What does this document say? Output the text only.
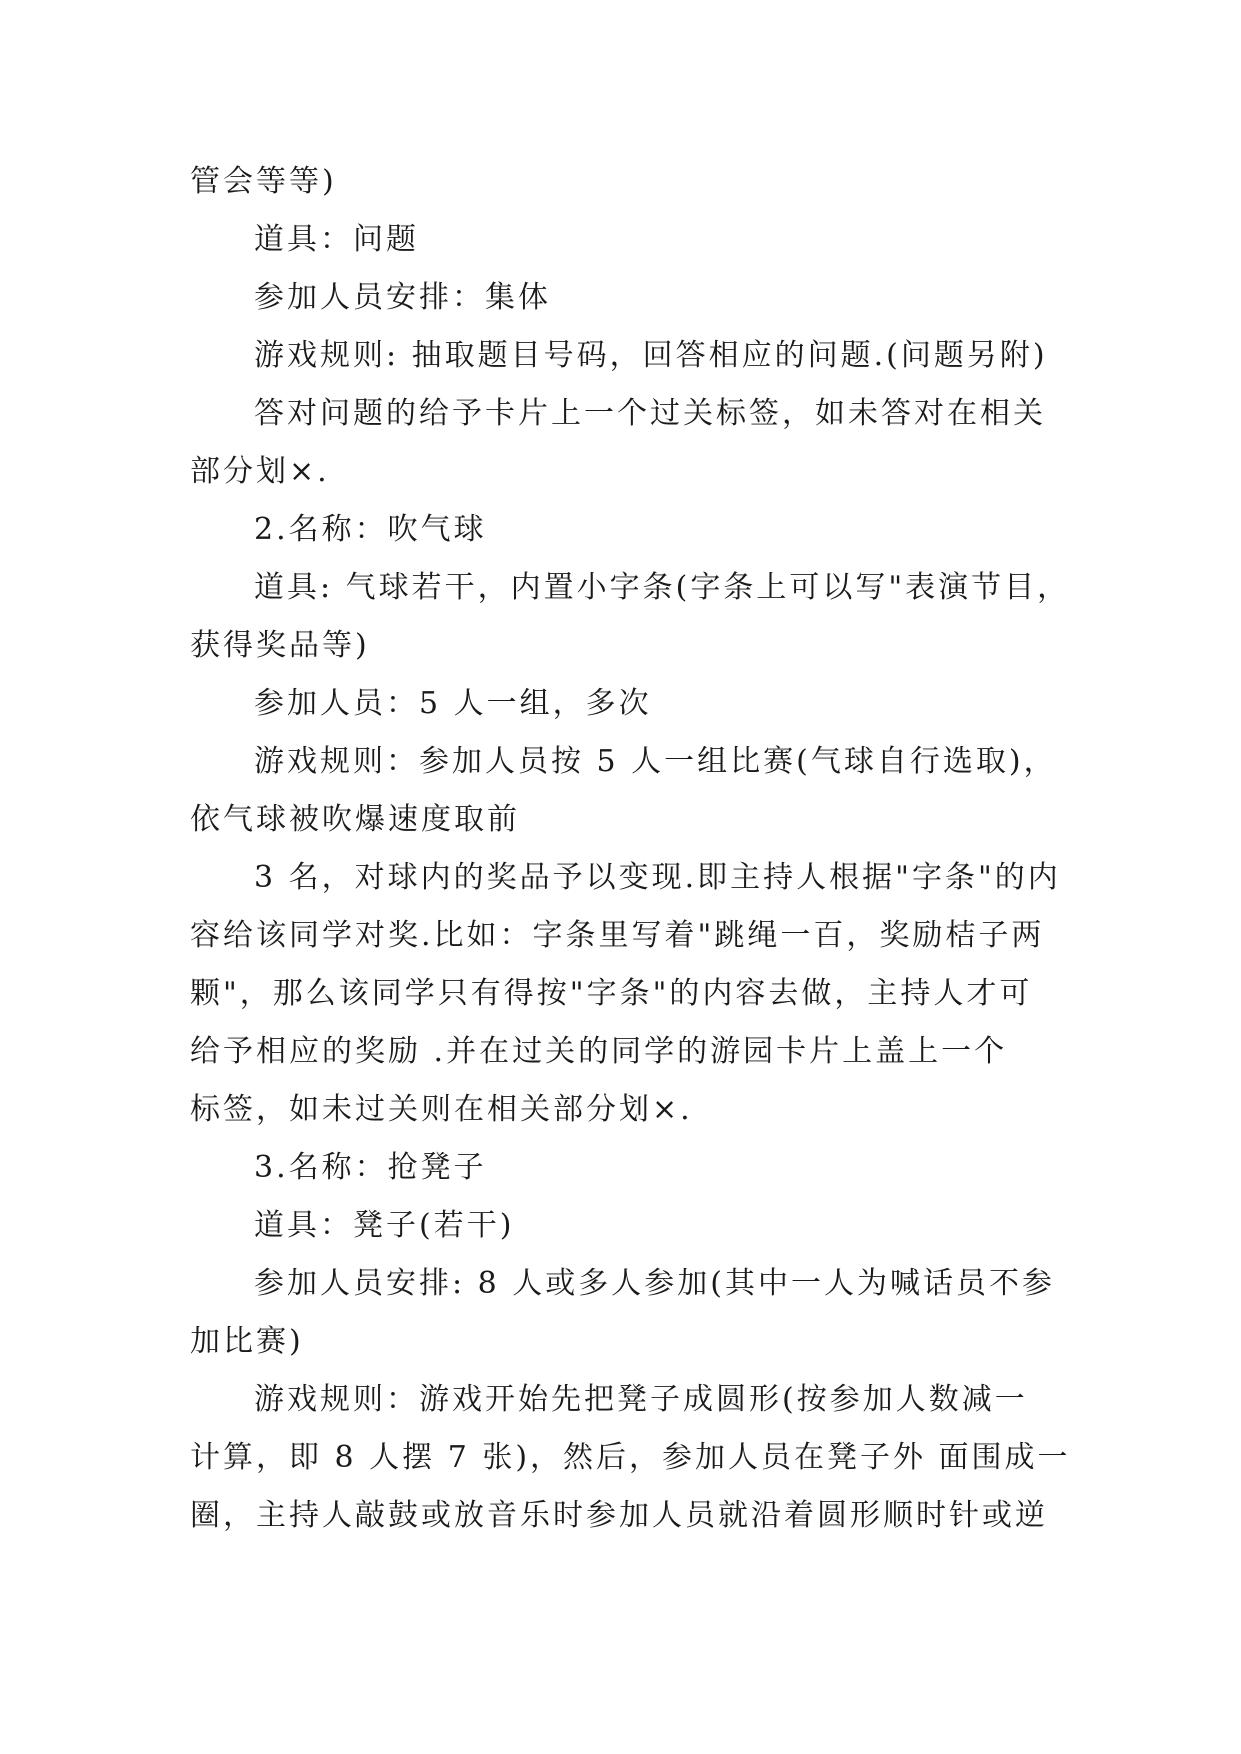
管会等等)
道具：问题
参加人员安排：集体
游戏规则: 抽取题目号码，回答相应的问题.(问题另附)
答对问题的给予卡片上一个过关标签，如未答对在相关
部分划×.
2.名称：吹气球
道具: 气球若干，内置小字条(字条上可以写"表演节目，
获得奖品等)
参加人员：5 人一组，多次
游戏规则：参加人员按 5 人一组比赛(气球自行选取)，
依气球被吹爆速度取前
3 名，对球内的奖品予以变现.即主持人根据"字条"的内
容给该同学对奖.比如：字条里写着"跳绳一百，奖励桔子两
颗"，那么该同学只有得按"字条"的内容去做，主持人才可
给予相应的奖励 .并在过关的同学的游园卡片上盖上一个
标签，如未过关则在相关部分划×.
3.名称：抢凳子
道具：凳子(若干)
参加人员安排: 8 人或多人参加(其中一人为喊话员不参
加比赛)
游戏规则：游戏开始先把凳子成圆形(按参加人数减一
计算，即 8 人摆 7 张)，然后，参加人员在凳子外 面围成一
圈，主持人敲鼓或放音乐时参加人员就沿着圆形顺时针或逆
